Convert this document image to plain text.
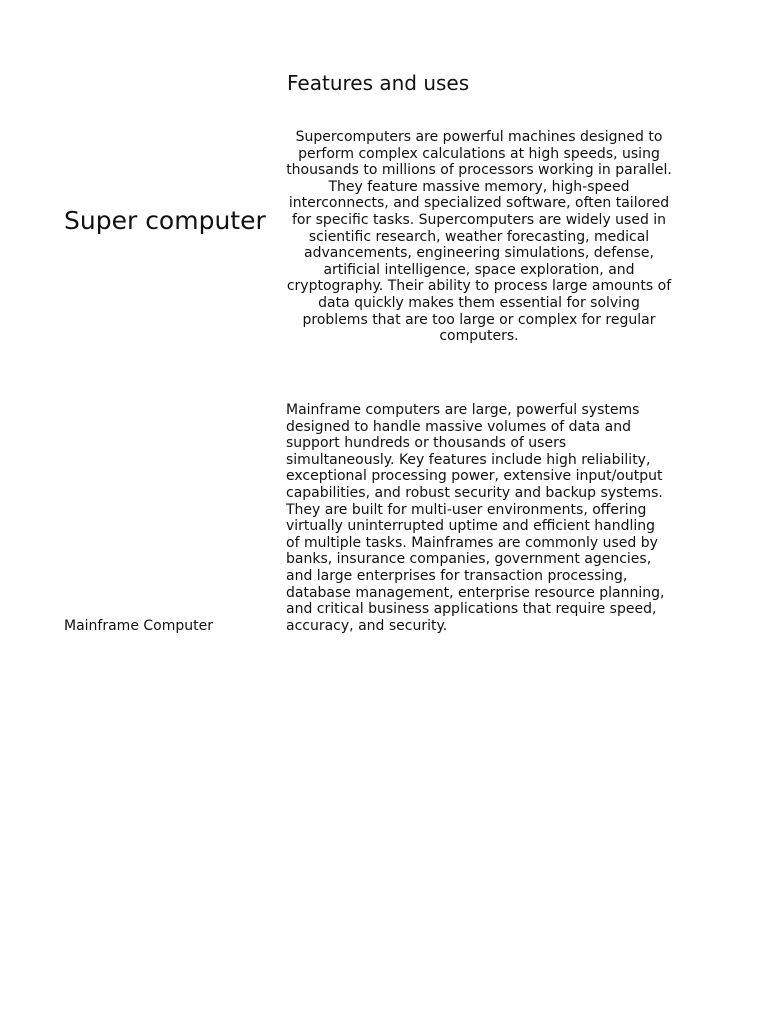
Features and uses
Super computer

Supercomputers are powerful machines designed to perform complex calculations at high speeds, using thousands to millions of processors working in parallel. They feature massive memory, high-speed interconnects, and specialized software, often tailored for specific tasks. Supercomputers are widely used in scientific research, weather forecasting, medical advancements, engineering simulations, defense, artificial intelligence, space exploration, and cryptography. Their ability to process large amounts of data quickly makes them essential for solving problems that are too large or complex for regular computers.

Mainframe Computer

Mainframe computers are large, powerful systems designed to handle massive volumes of data and support hundreds or thousands of users simultaneously. Key features include high reliability, exceptional processing power, extensive input/output capabilities, and robust security and backup systems. They are built for multi-user environments, offering virtually uninterrupted uptime and efficient handling of multiple tasks. Mainframes are commonly used by banks, insurance companies, government agencies, and large enterprises for transaction processing, database management, enterprise resource planning, and critical business applications that require speed, accuracy, and security.
